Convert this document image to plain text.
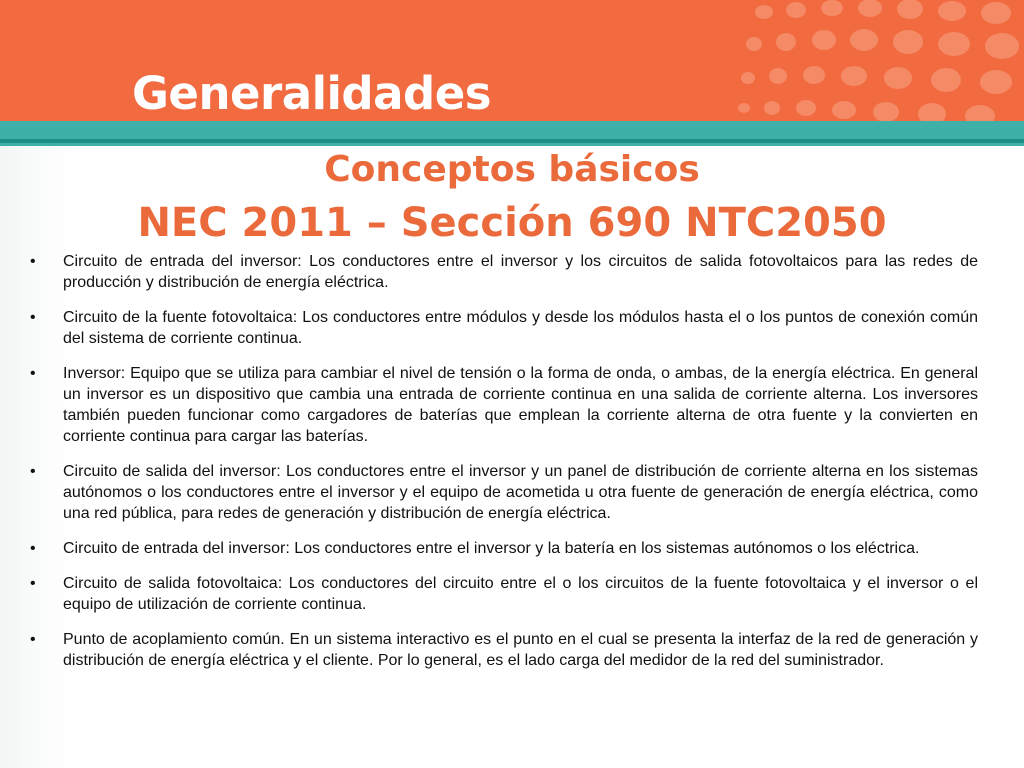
Generalidades
Conceptos básicos
NEC 2011 – Sección 690 NTC2050
• Circuito de entrada del inversor: Los conductores entre el inversor y los circuitos de salida fotovoltaicos para las redes de producción y distribución de energía eléctrica.
• Circuito de la fuente fotovoltaica: Los conductores entre módulos y desde los módulos hasta el o los puntos de conexión común del sistema de corriente continua.
• Inversor: Equipo que se utiliza para cambiar el nivel de tensión o la forma de onda, o ambas, de la energía eléctrica. En general un inversor es un dispositivo que cambia una entrada de corriente continua en una salida de corriente alterna. Los inversores también pueden funcionar como cargadores de baterías que emplean la corriente alterna de otra fuente y la convierten en corriente continua para cargar las baterías.
• Circuito de salida del inversor: Los conductores entre el inversor y un panel de distribución de corriente alterna en los sistemas autónomos o los conductores entre el inversor y el equipo de acometida u otra fuente de generación de energía eléctrica, como una red pública, para redes de generación y distribución de energía eléctrica.
• Circuito de entrada del inversor: Los conductores entre el inversor y la batería en los sistemas autónomos o los eléctrica.
• Circuito de salida fotovoltaica: Los conductores del circuito entre el o los circuitos de la fuente fotovoltaica y el inversor o el equipo de utilización de corriente continua.
• Punto de acoplamiento común. En un sistema interactivo es el punto en el cual se presenta la interfaz de la red de generación y distribución de energía eléctrica y el cliente. Por lo general, es el lado carga del medidor de la red del suministrador.
